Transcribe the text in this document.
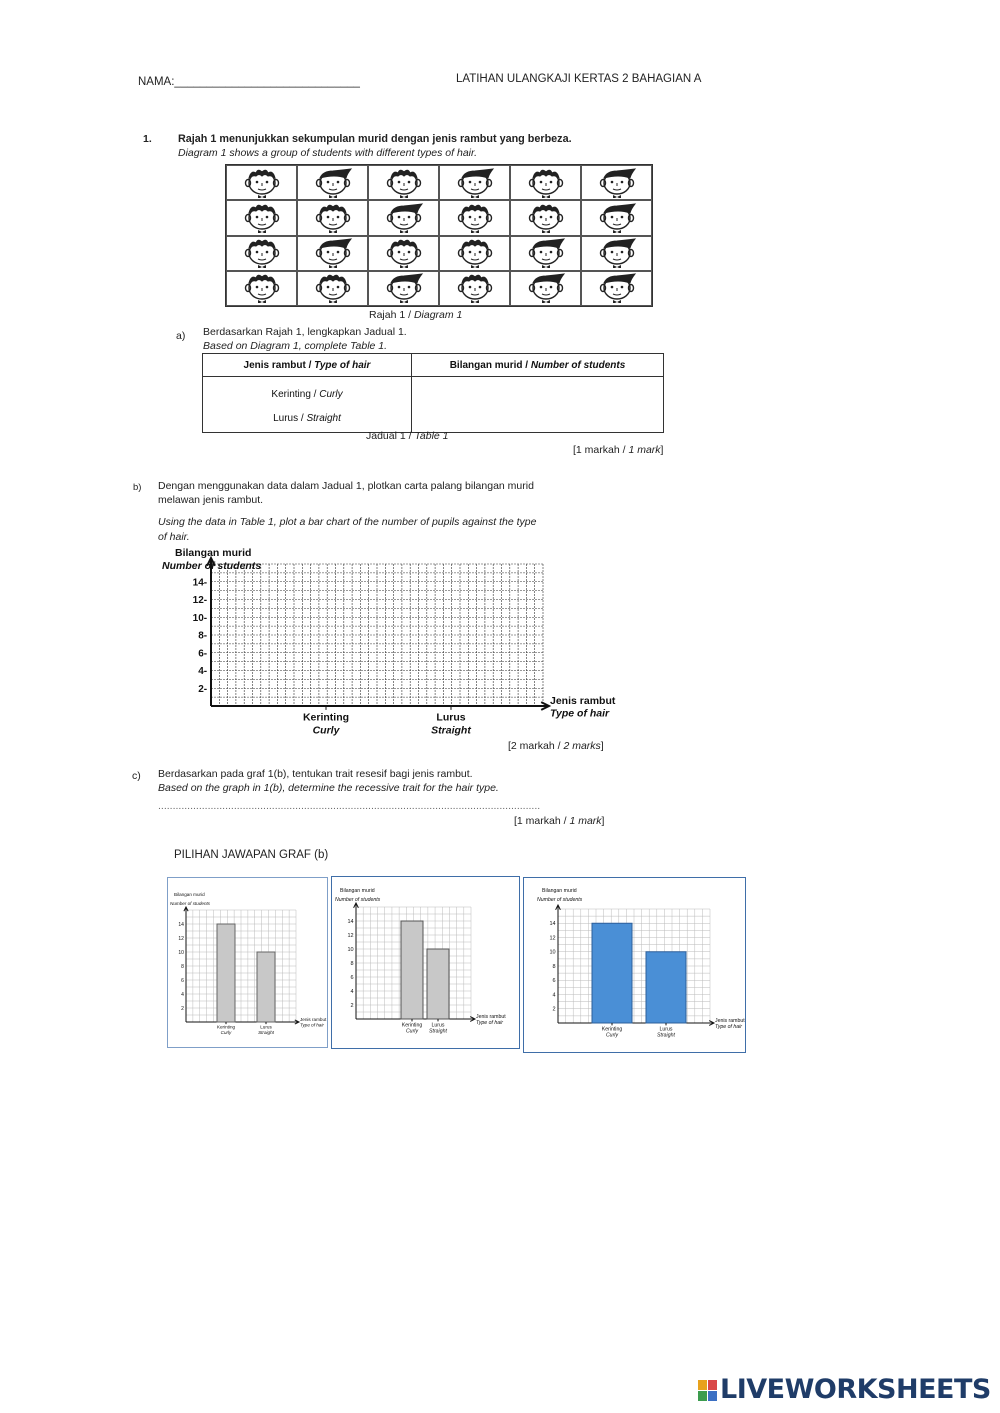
NAMA:_____________________________	LATIHAN ULANGKAJI KERTAS 2 BAHAGIAN A
1. Rajah 1 menunjukkan sekumpulan murid dengan jenis rambut yang berbeza.
Diagram 1 shows a group of students with different types of hair.
Rajah 1 / Diagram 1
a) Berdasarkan Rajah 1, lengkapkan Jadual 1.
Based on Diagram 1, complete Table 1.
Jenis rambut / Type of hair	Bilangan murid / Number of students

Kerinting / Curly
Lurus / Straight	

Jadual 1 / Table 1
[1 markah / 1 mark]
b) Dengan menggunakan data dalam Jadual 1, plotkan carta palang bilangan murid
melawan jenis rambut.
Using the data in Table 1, plot a bar chart of the number of pupils against the type
of hair.
2-
4-
6-
8-
10-
12-
14-
Bilangan murid
Number of students
Jenis rambut
Type of hair
Kerinting
Curly
Lurus
Straight
[2 markah / 2 marks]
c) Berdasarkan pada graf 1(b), tentukan trait resesif bagi jenis rambut.
Based on the graph in 1(b), determine the recessive trait for the hair type.
...................................................................................................................................
[1 markah / 1 mark]
PILIHAN JAWAPAN GRAF (b)
2
4
6
8
10
12
14
Bilangan murid
Number of students
Jenis rambut
Type of hair
Kerinting
Curly
Lurus
Straight
2
4
6
8
10
12
14
Bilangan murid
Number of students
Jenis rambut
Type of hair
Kerinting
Curly
Lurus
Straight
2
4
6
8
10
12
14
Bilangan murid
Number of students
Jenis rambut
Type of hair
Kerinting
Curly
Lurus
Straight
LIVEWORKSHEETS
